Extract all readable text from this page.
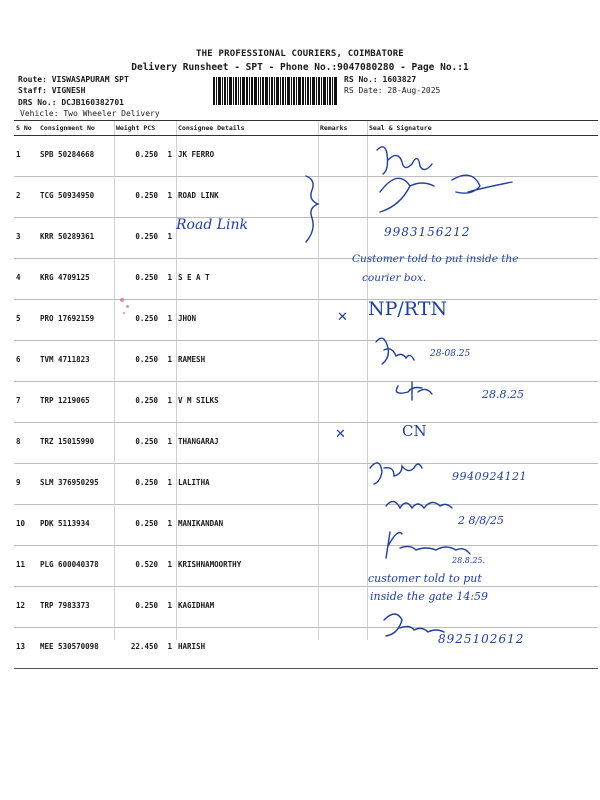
THE PROFESSIONAL COURIERS, COIMBATORE
Delivery Runsheet - SPT - Phone No.:9047080280 - Page No.:1
Route: VISWASAPURAM SPT
Staff: VIGNESH
DRS No.: DCJB160382701
Vehicle: Two Wheeler Delivery
RS No.: 1603827
RS Date: 28-Aug-2025
S No	Consignment No	Weight PCS	Consignee Details	Remarks	Seal & Signature
1	SPB 50284668	0.250 1	JK FERRO		
2	TCG 50934950	0.250 1	ROAD LINK		
3	KRR 50289361	0.250 1			
4	KRG 4709125	0.250 1	S E A T		
5	PRO 17692159	0.250 1	JHON		
6	TVM 4711823	0.250 1	RAMESH		
7	TRP 1219065	0.250 1	V M SILKS		
8	TRZ 15015990	0.250 1	THANGARAJ		
9	SLM 376950295	0.250 1	LALITHA		
10	PDK 5113934	0.250 1	MANIKANDAN		
11	PLG 600040378	0.520 1	KRISHNAMOORTHY		
12	TRP 7983373	0.250 1	KAGIDHAM		
13	MEE 530570098	22.450 1	HARISH		
Road Link	9983156212
Customer told to put inside the
courier box.
NP/RTN
✕
28-08.25
28.8.25
CN
✕
9940924121
2 8/8/25
28.8.25.
customer told to put
inside the gate 14:59
8925102612
